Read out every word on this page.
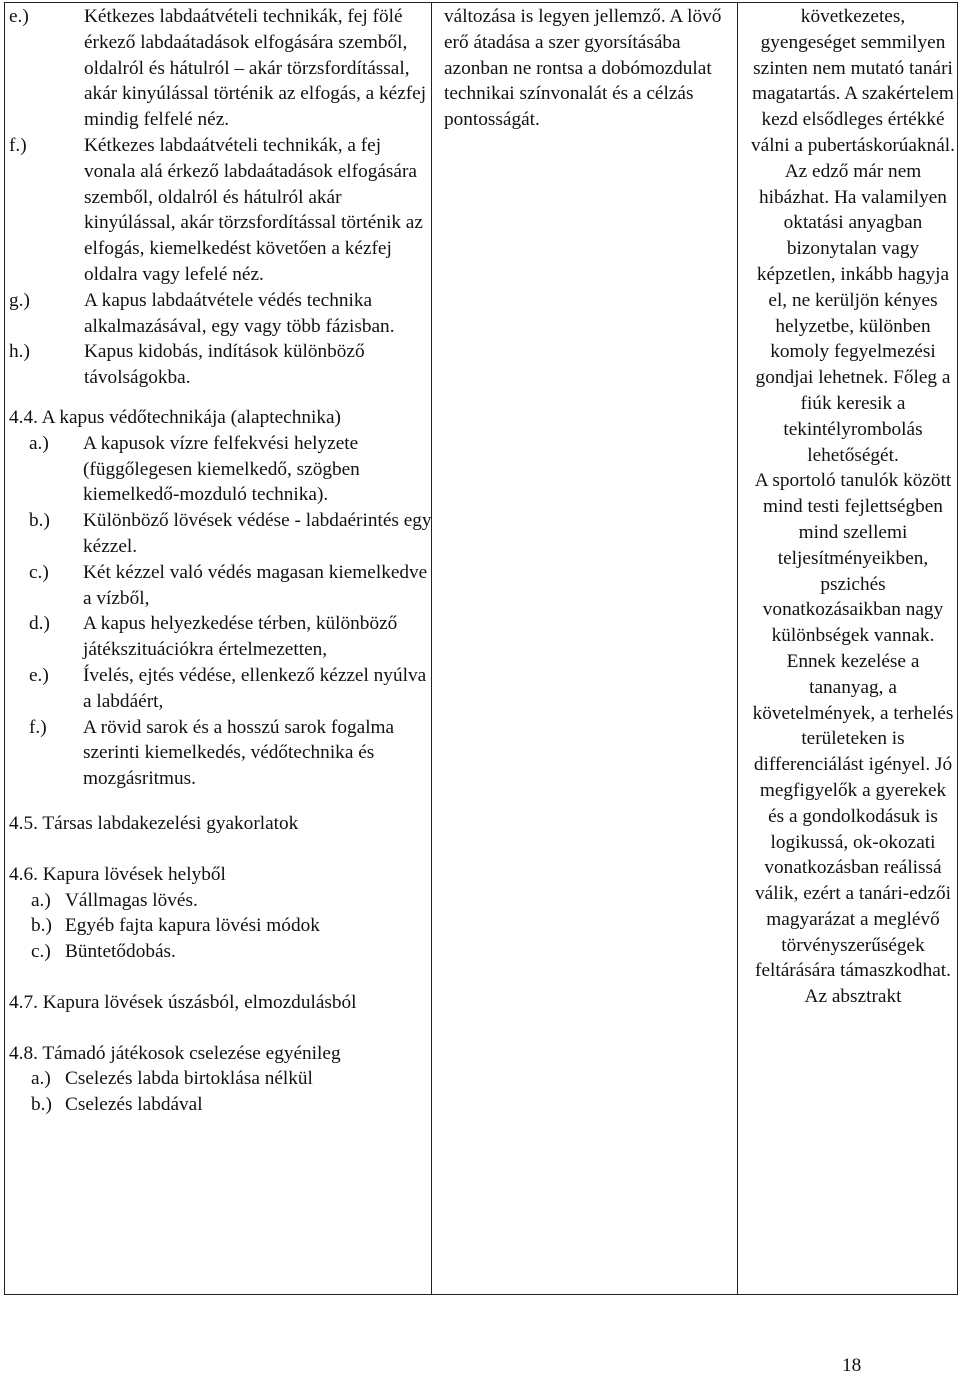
e.)	Kétkezes labdaátvételi technikák, fej fölé érkező labdaátadások elfogására szemből, oldalról és hátulról – akár törzsfordítással, akár kinyúlással történik az elfogás, a kézfej mindig felfelé néz.
f.)	Kétkezes labdaátvételi technikák, a fej vonala alá érkező labdaátadások elfogására szemből, oldalról és hátulról akár kinyúlással, akár törzsfordítással történik az elfogás, kiemelkedést követően a kézfej oldalra vagy lefelé néz.
g.)	A kapus labdaátvétele védés technika alkalmazásával, egy vagy több fázisban.
h.)	Kapus kidobás, indítások különböző távolságokba.
4.4. A kapus védőtechnikája (alaptechnika)
a.) A kapusok vízre felfekvési helyzete (függőlegesen kiemelkedő, szögben kiemelkedő-mozduló technika).
b.) Különböző lövések védése - labdaérintés egy kézzel.
c.) Két kézzel való védés magasan kiemelkedve a vízből,
d.) A kapus helyezkedése térben, különböző játékszituációkra értelmezetten,
e.) Ívelés, ejtés védése, ellenkező kézzel nyúlva a labdáért,
f.) A rövid sarok és a hosszú sarok fogalma szerinti kiemelkedés, védőtechnika és mozgásritmus.
4.5. Társas labdakezelési gyakorlatok
4.6. Kapura lövések helyből
a.) Vállmagas lövés.
b.) Egyéb fajta kapura lövési módok
c.) Büntetődobás.
4.7. Kapura lövések úszásból, elmozdulásból
4.8. Támadó játékosok cselezése egyénileg
a.) Cselezés labda birtoklása nélkül
b.) Cselezés labdával
változása is legyen jellemző. A lövő erő átadása a szer gyorsításába azonban ne rontsa a dobómozdulat technikai színvonalát és a célzás pontosságát.
következetes, gyengeséget semmilyen szinten nem mutató tanári magatartás. A szakértelem kezd elsődleges értékké válni a pubertáskorúaknál. Az edző már nem hibázhat. Ha valamilyen oktatási anyagban bizonytalan vagy képzetlen, inkább hagyja el, ne kerüljön kényes helyzetbe, különben komoly fegyelmezési gondjai lehetnek. Főleg a fiúk keresik a tekintélyrombolás lehetőségét.
A sportoló tanulók között mind testi fejlettségben mind szellemi teljesítményeikben, pszichés vonatkozásaikban nagy különbségek vannak. Ennek kezelése a tananyag, a követelmények, a terhelés területeken is differenciálást igényel. Jó megfigyelők a gyerekek és a gondolkodásuk is logikussá, ok-okozati vonatkozásban reálissá válik, ezért a tanári-edzői magyarázat a meglévő törvényszerűségek feltárására támaszkodhat. Az absztrakt
18
